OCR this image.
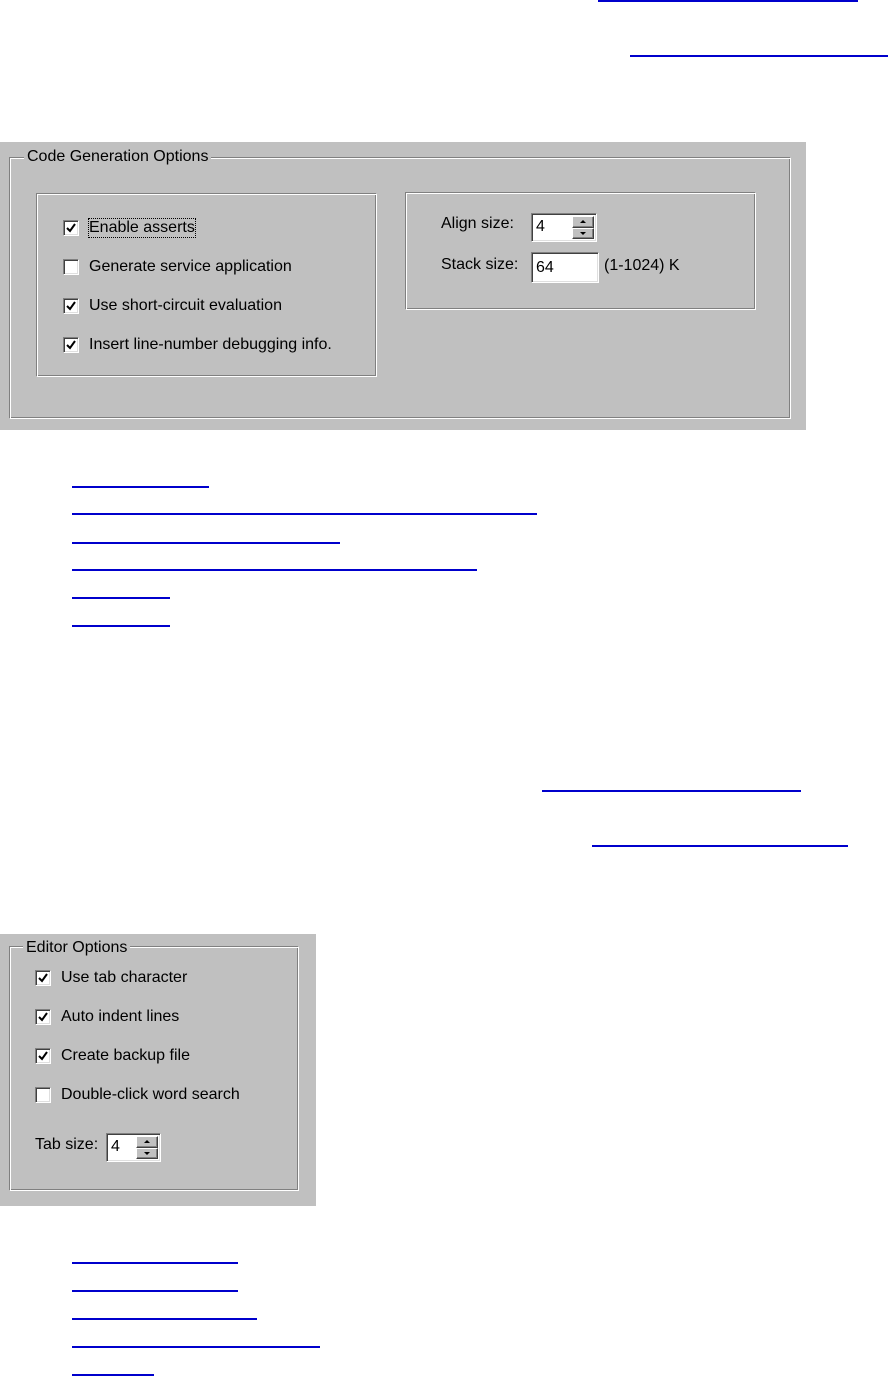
Code Generation Options
Enable asserts
Generate service application
Use short-circuit evaluation
Insert line-number debugging info.
Align size: 4
Stack size: 64	(1-1024) K
Editor Options
Use tab character
Auto indent lines
Create backup file
Double-click word search
Tab size: 4
